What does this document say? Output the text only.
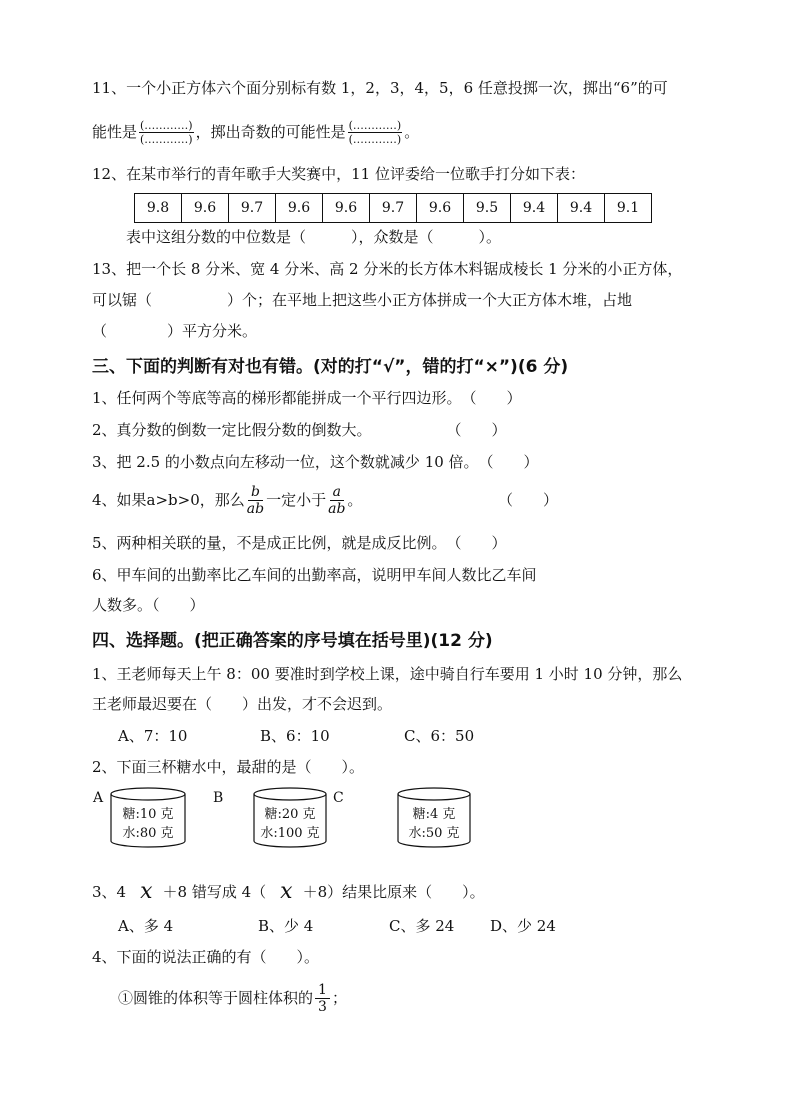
11、一个小正方体六个面分别标有数 1，2，3，4，5，6 任意投掷一次，掷出“6”的可
能性是 $\frac{(\dots\dots\dots\dots)}{(\dots\dots\dots\dots)}$ ，掷出奇数的可能性是 $\frac{(\dots\dots\dots\dots)}{(\dots\dots\dots\dots)}$ 。
12、在某市举行的青年歌手大奖赛中，11 位评委给一位歌手打分如下表：
9.8	9.6	9.7	9.6	9.6	9.7	9.6	9.5	9.4	9.4	9.1
表中这组分数的中位数是（　　　），众数是（　　　）。
13、把一个长 8 分米、宽 4 分米、高 2 分米的长方体木料锯成棱长 1 分米的小正方体，
可以锯（　　　　　）个；在平地上把这些小正方体拼成一个大正方体木堆，占地
（　　　　）平方分米。
三、下面的判断有对也有错。(对的打“√”，错的打“×”)(6 分)
1、任何两个等底等高的梯形都能拼成一个平行四边形。　（　　）
2、真分数的倒数一定比假分数的倒数大。　　　　　　（　　）
3、把 2.5 的小数点向左移动一位，这个数就减少 10 倍。　（　　）
4、如果a>b>0，那么 $\frac{b}{ab}$ 一定小于 $\frac{a}{ab}$ 。	（　　）
5、两种相关联的量，不是成正比例，就是成反比例。　（　　）
6、甲车间的出勤率比乙车间的出勤率高，说明甲车间人数比乙车间
人数多。（　　）
四、选择题。(把正确答案的序号填在括号里)(12 分)
1、王老师每天上午 8：00 要准时到学校上课，途中骑自行车要用 1 小时 10 分钟，那么
王老师最迟要在（　　）出发，才不会迟到。
A、7：10	B、6：10	C、6：50
2、下面三杯糖水中，最甜的是（　　）。
A
糖:10 克
水:80 克
B
糖:20 克
水:100 克
C
糖:4 克
水:50 克
3、4 x ＋8 错写成 4（ x ＋8）结果比原来（　　）。
A、多 4	B、少 4	C、多 24 D、少 24
4、下面的说法正确的有（　　）。
①圆锥的体积等于圆柱体积的 $\frac{1}{3}$ ；
